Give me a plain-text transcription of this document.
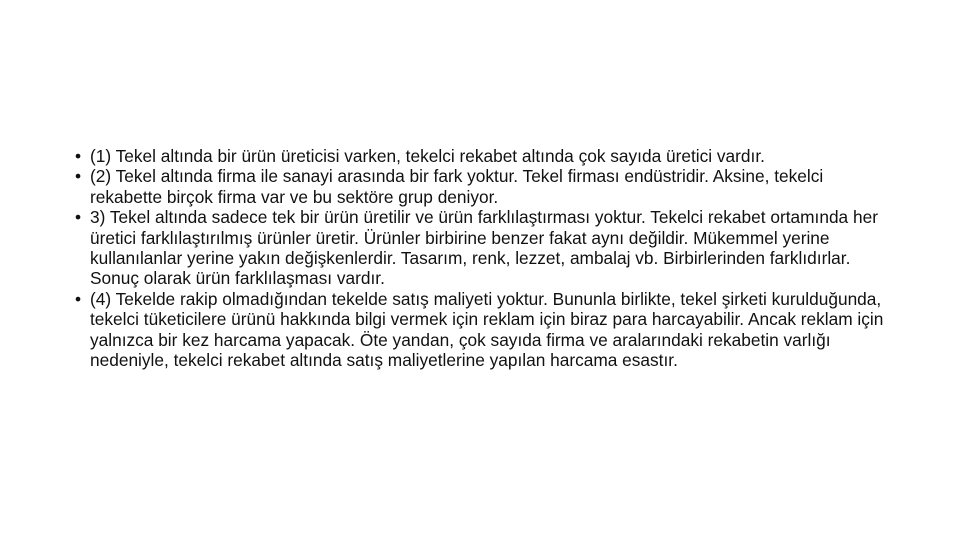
• (1) Tekel altında bir ürün üreticisi varken, tekelci rekabet altında çok sayıda üretici vardır.
• (2) Tekel altında firma ile sanayi arasında bir fark yoktur. Tekel firması endüstridir. Aksine, tekelci rekabette birçok firma var ve bu sektöre grup deniyor.
• 3) Tekel altında sadece tek bir ürün üretilir ve ürün farklılaştırması yoktur. Tekelci rekabet ortamında her üretici farklılaştırılmış ürünler üretir. Ürünler birbirine benzer fakat aynı değildir. Mükemmel yerine kullanılanlar yerine yakın değişkenlerdir. Tasarım, renk, lezzet, ambalaj vb. Birbirlerinden farklıdırlar. Sonuç olarak ürün farklılaşması vardır.
• (4) Tekelde rakip olmadığından tekelde satış maliyeti yoktur. Bununla birlikte, tekel şirketi kurulduğunda, tekelci tüketicilere ürünü hakkında bilgi vermek için reklam için biraz para harcayabilir. Ancak reklam için yalnızca bir kez harcama yapacak. Öte yandan, çok sayıda firma ve aralarındaki rekabetin varlığı nedeniyle, tekelci rekabet altında satış maliyetlerine yapılan harcama esastır.
